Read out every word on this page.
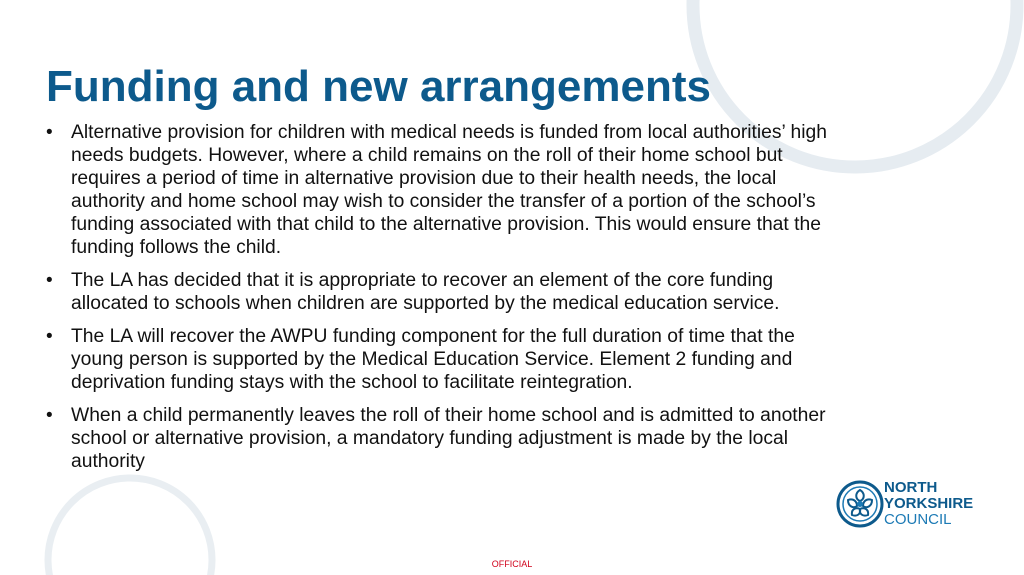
Funding and new arrangements
• Alternative provision for children with medical needs is funded from local authorities’ high needs budgets. However, where a child remains on the roll of their home school but requires a period of time in alternative provision due to their health needs, the local authority and home school may wish to consider the transfer of a portion of the school’s funding associated with that child to the alternative provision. This would ensure that the funding follows the child.
• The LA has decided that it is appropriate to recover an element of the core funding allocated to schools when children are supported by the medical education service.
• The LA will recover the AWPU funding component for the full duration of time that the young person is supported by the Medical Education Service. Element 2 funding and deprivation funding stays with the school to facilitate reintegration.
• When a child permanently leaves the roll of their home school and is admitted to another school or alternative provision, a mandatory funding adjustment is made by the local authority
NORTH
YORKSHIRE
COUNCIL
OFFICIAL
